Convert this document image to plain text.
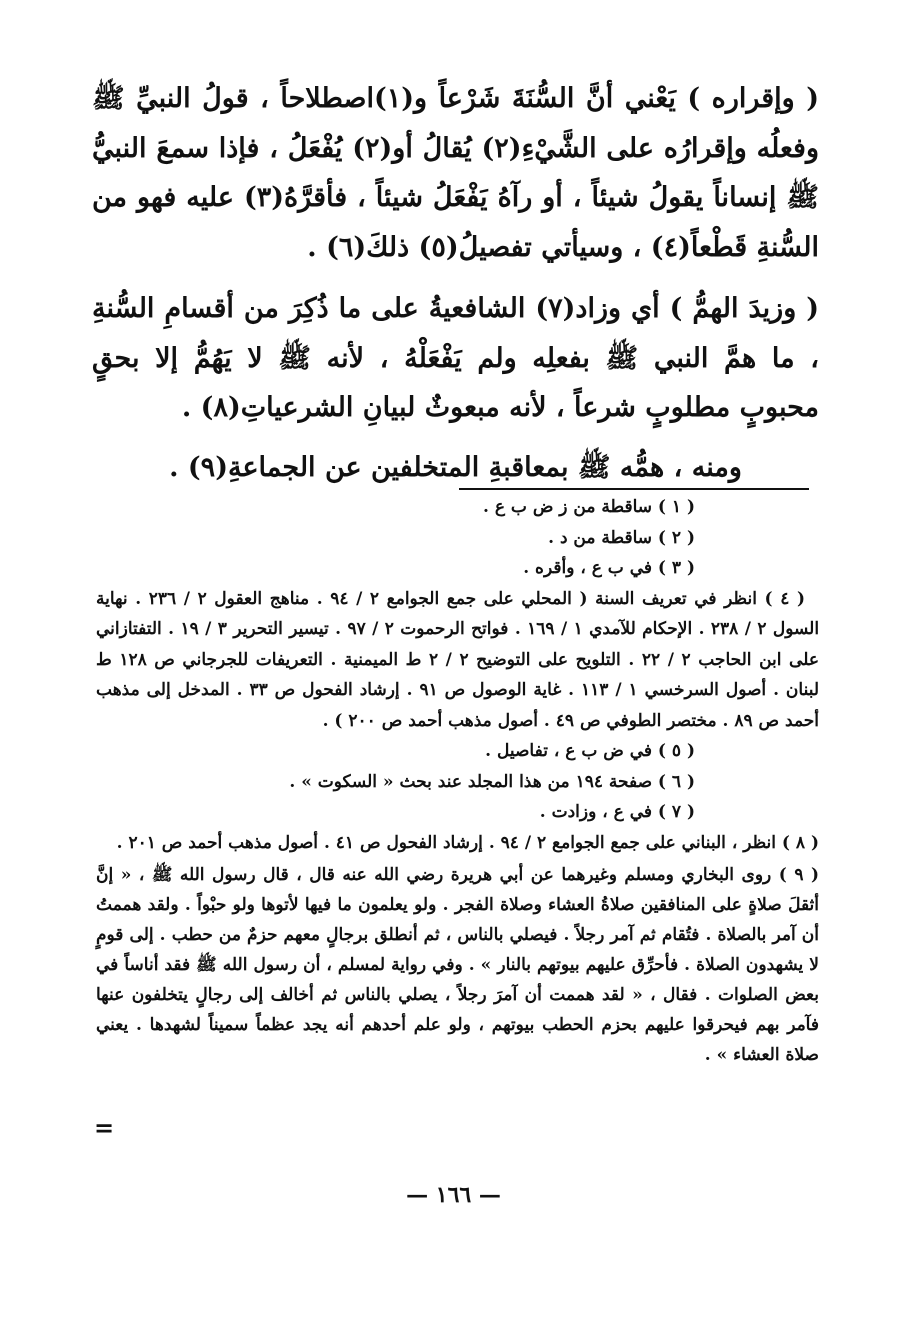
( وإقراره ) يَعْني أنَّ السُّنَةَ شَرْعاً و(١)اصطلاحاً ، قولُ النبيِّ ﷺ وفعلُه وإقرارُه على الشَّيْءِ(٢) يُقالُ أو(٢) يُفْعَلُ ، فإذا سمعَ النبيُّ ﷺ إنساناً يقولُ شيئاً ، أو رآهُ يَفْعَلُ شيئاً ، فأقرَّهُ(٣) عليه فهو من السُّنةِ قَطْعاً(٤) ، وسيأتي تفصيلُ(٥) ذلكَ(٦) .

( وزيدَ الهمُّ ) أي وزاد(٧) الشافعيةُ على ما ذُكِرَ من أقسامِ السُّنةِ ، ما همَّ النبي ﷺ بفعلِه ولم يَفْعَلْهُ ، لأنه ﷺ لا يَهُمُّ إلا بحقٍ محبوبٍ مطلوبٍ شرعاً ، لأنه مبعوثٌ لبيانِ الشرعياتِ(٨) .

ومنه ، همُّه ﷺ بمعاقبةِ المتخلفين عن الجماعةِ(٩) .

( ١ ) ساقطة من ز ض ب ع .

( ٢ ) ساقطة من د .

( ٣ ) في ب ع ، وأقره .

( ٤ ) انظر في تعريف السنة ( المحلي على جمع الجوامع ٢ / ٩٤ . مناهج العقول ٢ / ٢٣٦ . نهاية السول ٢ / ٢٣٨ . الإحكام للآمدي ١ / ١٦٩ . فواتح الرحموت ٢ / ٩٧ . تيسير التحرير ٣ / ١٩ . التفتازاني على ابن الحاجب ٢ / ٢٢ . التلويح على التوضيح ٢ / ٢ ط الميمنية . التعريفات للجرجاني ص ١٢٨ ط لبنان . أصول السرخسي ١ / ١١٣ . غاية الوصول ص ٩١ . إرشاد الفحول ص ٣٣ . المدخل إلى مذهب أحمد ص ٨٩ . مختصر الطوفي ص ٤٩ . أصول مذهب أحمد ص ٢٠٠ ) .

( ٥ ) في ض ب ع ، تفاصيل .

( ٦ ) صفحة ١٩٤ من هذا المجلد عند بحث « السكوت » .

( ٧ ) في ع ، وزادت .

( ٨ ) انظر ، البناني على جمع الجوامع ٢ / ٩٤ . إرشاد الفحول ص ٤١ . أصول مذهب أحمد ص ٢٠١ .

( ٩ ) روى البخاري ومسلم وغيرهما عن أبي هريرة رضي الله عنه قال ، قال رسول الله ﷺ ، « إنَّ أثقلَ صلاةٍ على المنافقين صلاةُ العشاء وصلاة الفجر . ولو يعلمون ما فيها لأتوها ولو حبْواً . ولقد هممتُ أن آمر بالصلاة . فتُقام ثم آمر رجلاً . فيصلي بالناس ، ثم أنطلق برجالٍ معهم حزمٌ من حطب . إلى قومٍ لا يشهدون الصلاة . فأحرِّق عليهم بيوتهم بالنار » . وفي رواية لمسلم ، أن رسول الله ﷺ فقد أناساً في بعض الصلوات . فقال ، « لقد هممت أن آمرَ رجلاً ، يصلي بالناس ثم أخالف إلى رجالٍ يتخلفون عنها فآمر بهم فيحرقوا عليهم بحزم الحطب بيوتهم ، ولو علم أحدهم أنه يجد عظماً سميناً لشهدها . يعني صلاة العشاء » .

=
— ١٦٦ —
